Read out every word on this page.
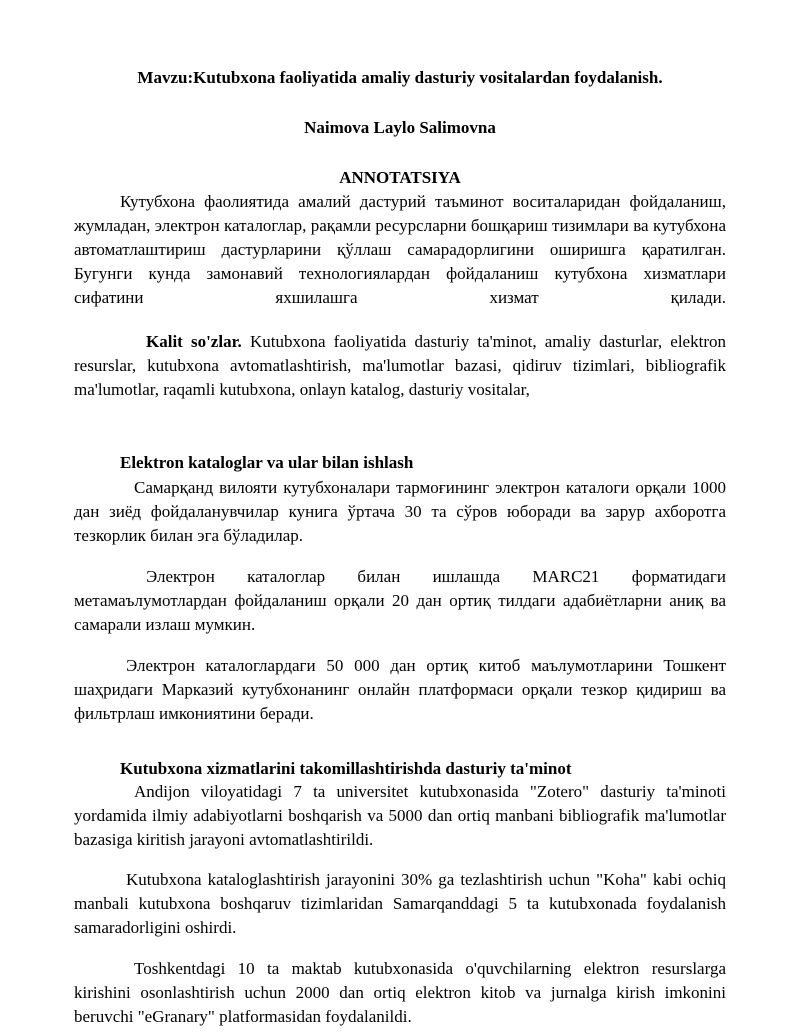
Mavzu:Kutubxona faoliyatida amaliy dasturiy vositalardan foydalanish.

Naimova Laylo Salimovna

ANNOTATSIYA

Кутубхона фаолиятида амалий дастурий таъминот воситаларидан фойдаланиш, жумладан, электрон каталоглар, рақамли ресурсларни бошқариш тизимлари ва кутубхона автоматлаштириш дастурларини қўллаш самарадорлигини оширишга қаратилган. Бугунги кунда замонавий технологиялардан фойдаланиш кутубхона хизматлари сифатини яхшилашга хизмат қилади.

Kalit so'zlar. Kutubxona faoliyatida dasturiy ta'minot, amaliy dasturlar, elektron resurslar, kutubxona avtomatlashtirish, ma'lumotlar bazasi, qidiruv tizimlari, bibliografik ma'lumotlar, raqamli kutubxona, onlayn katalog, dasturiy vositalar,

Elektron kataloglar va ular bilan ishlash

Самарқанд вилояти кутубхоналари тармоғининг электрон каталоги орқали 1000 дан зиёд фойдаланувчилар кунига ўртача 30 та сўров юборади ва зарур ахборотга тезкорлик билан эга бўладилар.

Электрон каталоглар билан ишлашда MARC21 форматидаги метамаълумотлардан фойдаланиш орқали 20 дан ортиқ тилдаги адабиётларни аниқ ва самарали излаш мумкин.

Электрон каталоглардаги 50 000 дан ортиқ китоб маълумотларини Тошкент шаҳридаги Марказий кутубхонанинг онлайн платформаси орқали тезкор қидириш ва фильтрлаш имкониятини беради.

Kutubxona xizmatlarini takomillashtirishda dasturiy ta'minot

Andijon viloyatidagi 7 ta universitet kutubxonasida "Zotero" dasturiy ta'minoti yordamida ilmiy adabiyotlarni boshqarish va 5000 dan ortiq manbani bibliografik ma'lumotlar bazasiga kiritish jarayoni avtomatlashtirildi.

Kutubxona kataloglashtirish jarayonini 30% ga tezlashtirish uchun "Koha" kabi ochiq manbali kutubxona boshqaruv tizimlaridan Samarqanddagi 5 ta kutubxonada foydalanish samaradorligini oshirdi.

Toshkentdagi 10 ta maktab kutubxonasida o'quvchilarning elektron resurslarga kirishini osonlashtirish uchun 2000 dan ortiq elektron kitob va jurnalga kirish imkonini beruvchi "eGranary" platformasidan foydalanildi.
